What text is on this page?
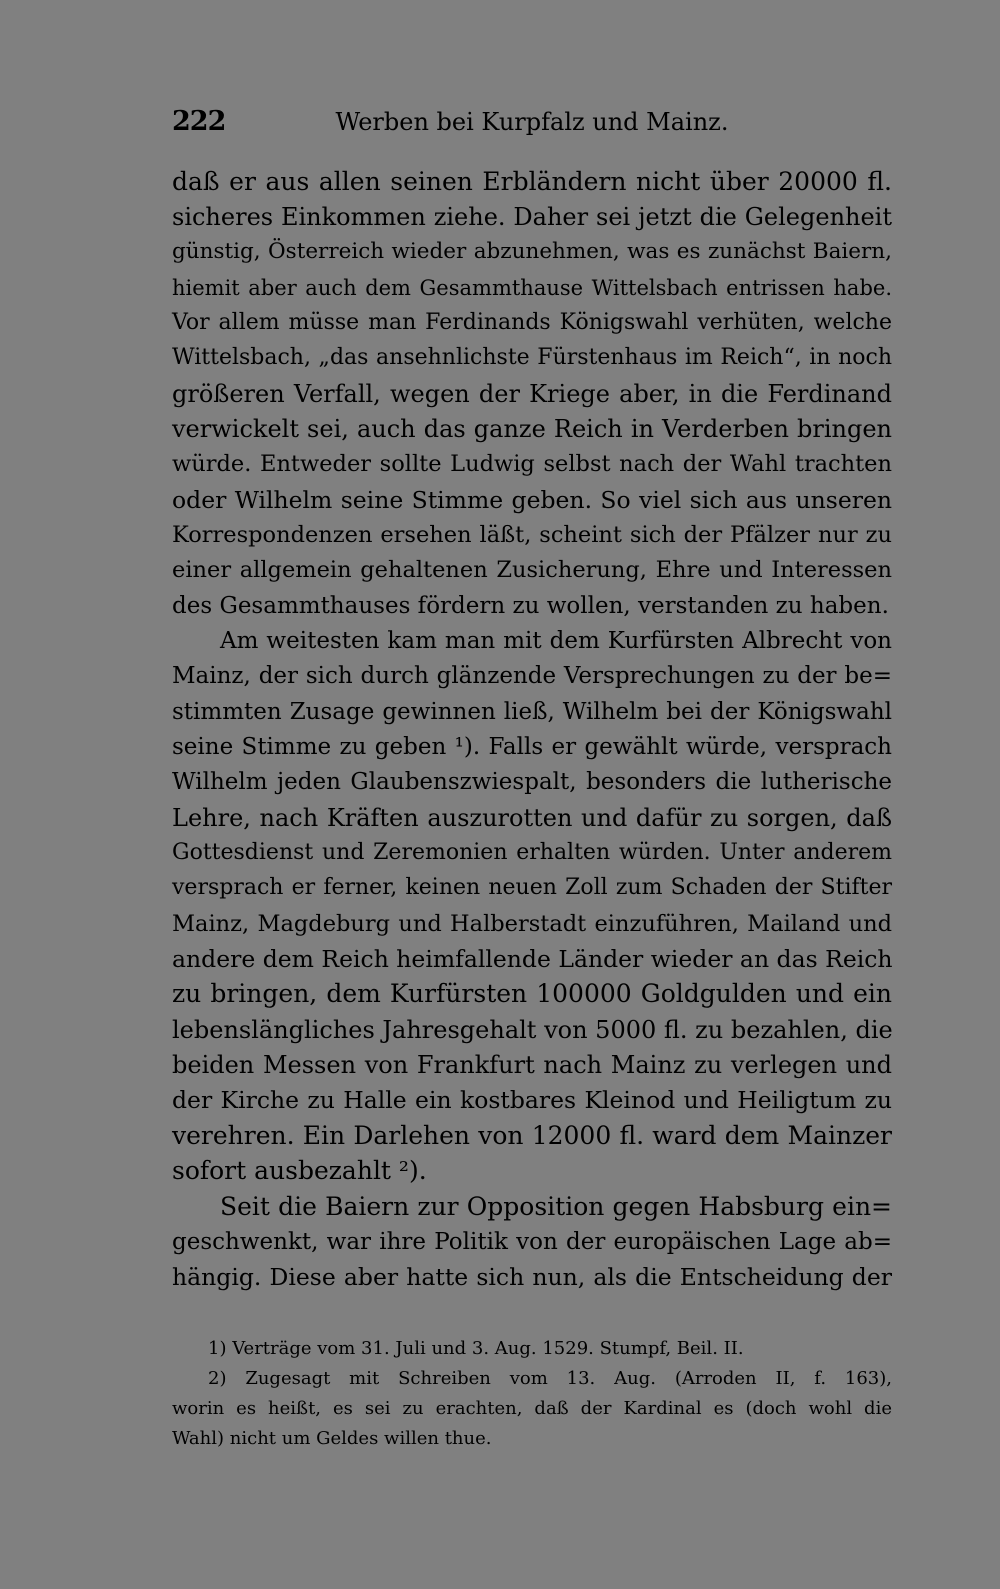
222	Werben bei Kurpfalz und Mainz.
daß er aus allen seinen Erbländern nicht über 20000 fl.
sicheres Einkommen ziehe. Daher sei jetzt die Gelegenheit
günstig, Österreich wieder abzunehmen, was es zunächst Baiern,
hiemit aber auch dem Gesammthause Wittelsbach entrissen habe.
Vor allem müsse man Ferdinands Königswahl verhüten, welche
Wittelsbach, „das ansehnlichste Fürstenhaus im Reich“, in noch
größeren Verfall, wegen der Kriege aber, in die Ferdinand
verwickelt sei, auch das ganze Reich in Verderben bringen
würde. Entweder sollte Ludwig selbst nach der Wahl trachten
oder Wilhelm seine Stimme geben. So viel sich aus unseren
Korrespondenzen ersehen läßt, scheint sich der Pfälzer nur zu
einer allgemein gehaltenen Zusicherung, Ehre und Interessen
des Gesammthauses fördern zu wollen, verstanden zu haben.
Am weitesten kam man mit dem Kurfürsten Albrecht von
Mainz, der sich durch glänzende Versprechungen zu der be=
stimmten Zusage gewinnen ließ, Wilhelm bei der Königswahl
seine Stimme zu geben ¹). Falls er gewählt würde, versprach
Wilhelm jeden Glaubenszwiespalt, besonders die lutherische
Lehre, nach Kräften auszurotten und dafür zu sorgen, daß
Gottesdienst und Zeremonien erhalten würden. Unter anderem
versprach er ferner, keinen neuen Zoll zum Schaden der Stifter
Mainz, Magdeburg und Halberstadt einzuführen, Mailand und
andere dem Reich heimfallende Länder wieder an das Reich
zu bringen, dem Kurfürsten 100000 Goldgulden und ein
lebenslängliches Jahresgehalt von 5000 fl. zu bezahlen, die
beiden Messen von Frankfurt nach Mainz zu verlegen und
der Kirche zu Halle ein kostbares Kleinod und Heiligtum zu
verehren. Ein Darlehen von 12000 fl. ward dem Mainzer
sofort ausbezahlt ²).
Seit die Baiern zur Opposition gegen Habsburg ein=
geschwenkt, war ihre Politik von der europäischen Lage ab=
hängig. Diese aber hatte sich nun, als die Entscheidung der
1) Verträge vom 31. Juli und 3. Aug. 1529. Stumpf, Beil. II.
2) Zugesagt mit Schreiben vom 13. Aug. (Arroden II, f. 163),
worin es heißt, es sei zu erachten, daß der Kardinal es (doch wohl die
Wahl) nicht um Geldes willen thue.
